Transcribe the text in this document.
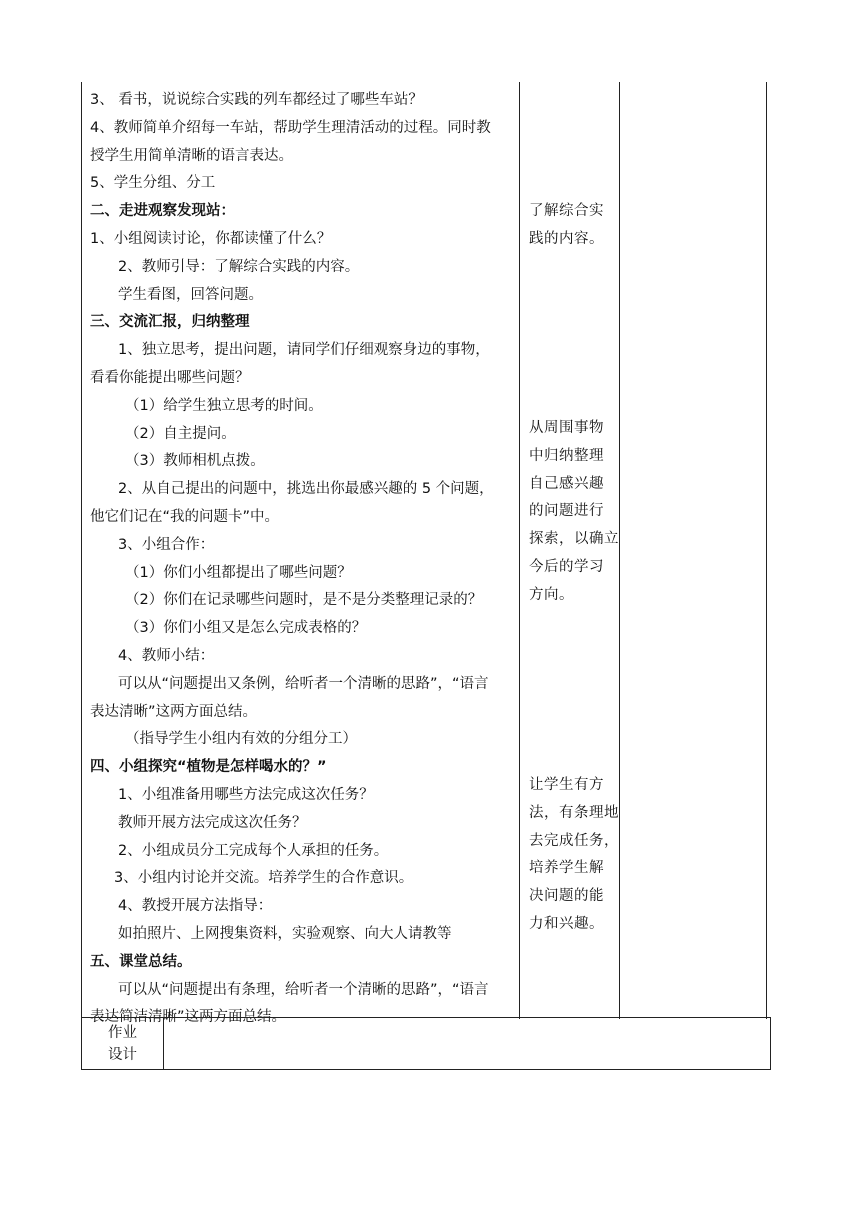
3、 看书，说说综合实践的列车都经过了哪些车站？
4、教师简单介绍每一车站，帮助学生理清活动的过程。同时教
授学生用简单清晰的语言表达。
5、学生分组、分工
二、走进观察发现站：
1、小组阅读讨论，你都读懂了什么？
2、教师引导：了解综合实践的内容。
学生看图，回答问题。
三、交流汇报，归纳整理
1、独立思考，提出问题，请同学们仔细观察身边的事物，
看看你能提出哪些问题？
（1）给学生独立思考的时间。
（2）自主提问。
（3）教师相机点拨。
2、从自己提出的问题中，挑选出你最感兴趣的 5 个问题，
他它们记在“我的问题卡”中。
3、小组合作：
（1）你们小组都提出了哪些问题？
（2）你们在记录哪些问题时，是不是分类整理记录的？
（3）你们小组又是怎么完成表格的？
4、教师小结：
可以从“问题提出又条例，给听者一个清晰的思路”，“语言
表达清晰”这两方面总结。
（指导学生小组内有效的分组分工）
四、小组探究“植物是怎样喝水的？”
1、小组准备用哪些方法完成这次任务？
教师开展方法完成这次任务？
2、小组成员分工完成每个人承担的任务。
3、小组内讨论并交流。培养学生的合作意识。
4、教授开展方法指导：
如拍照片、上网搜集资料，实验观察、向大人请教等
五、课堂总结。
可以从“问题提出有条理，给听者一个清晰的思路”，“语言
表达简洁清晰”这两方面总结。
了解综合实
践的内容。
从周围事物
中归纳整理
自己感兴趣
的问题进行
探索，以确立
今后的学习
方向。
让学生有方
法，有条理地
去完成任务，
培养学生解
决问题的能
力和兴趣。
作业
设计
